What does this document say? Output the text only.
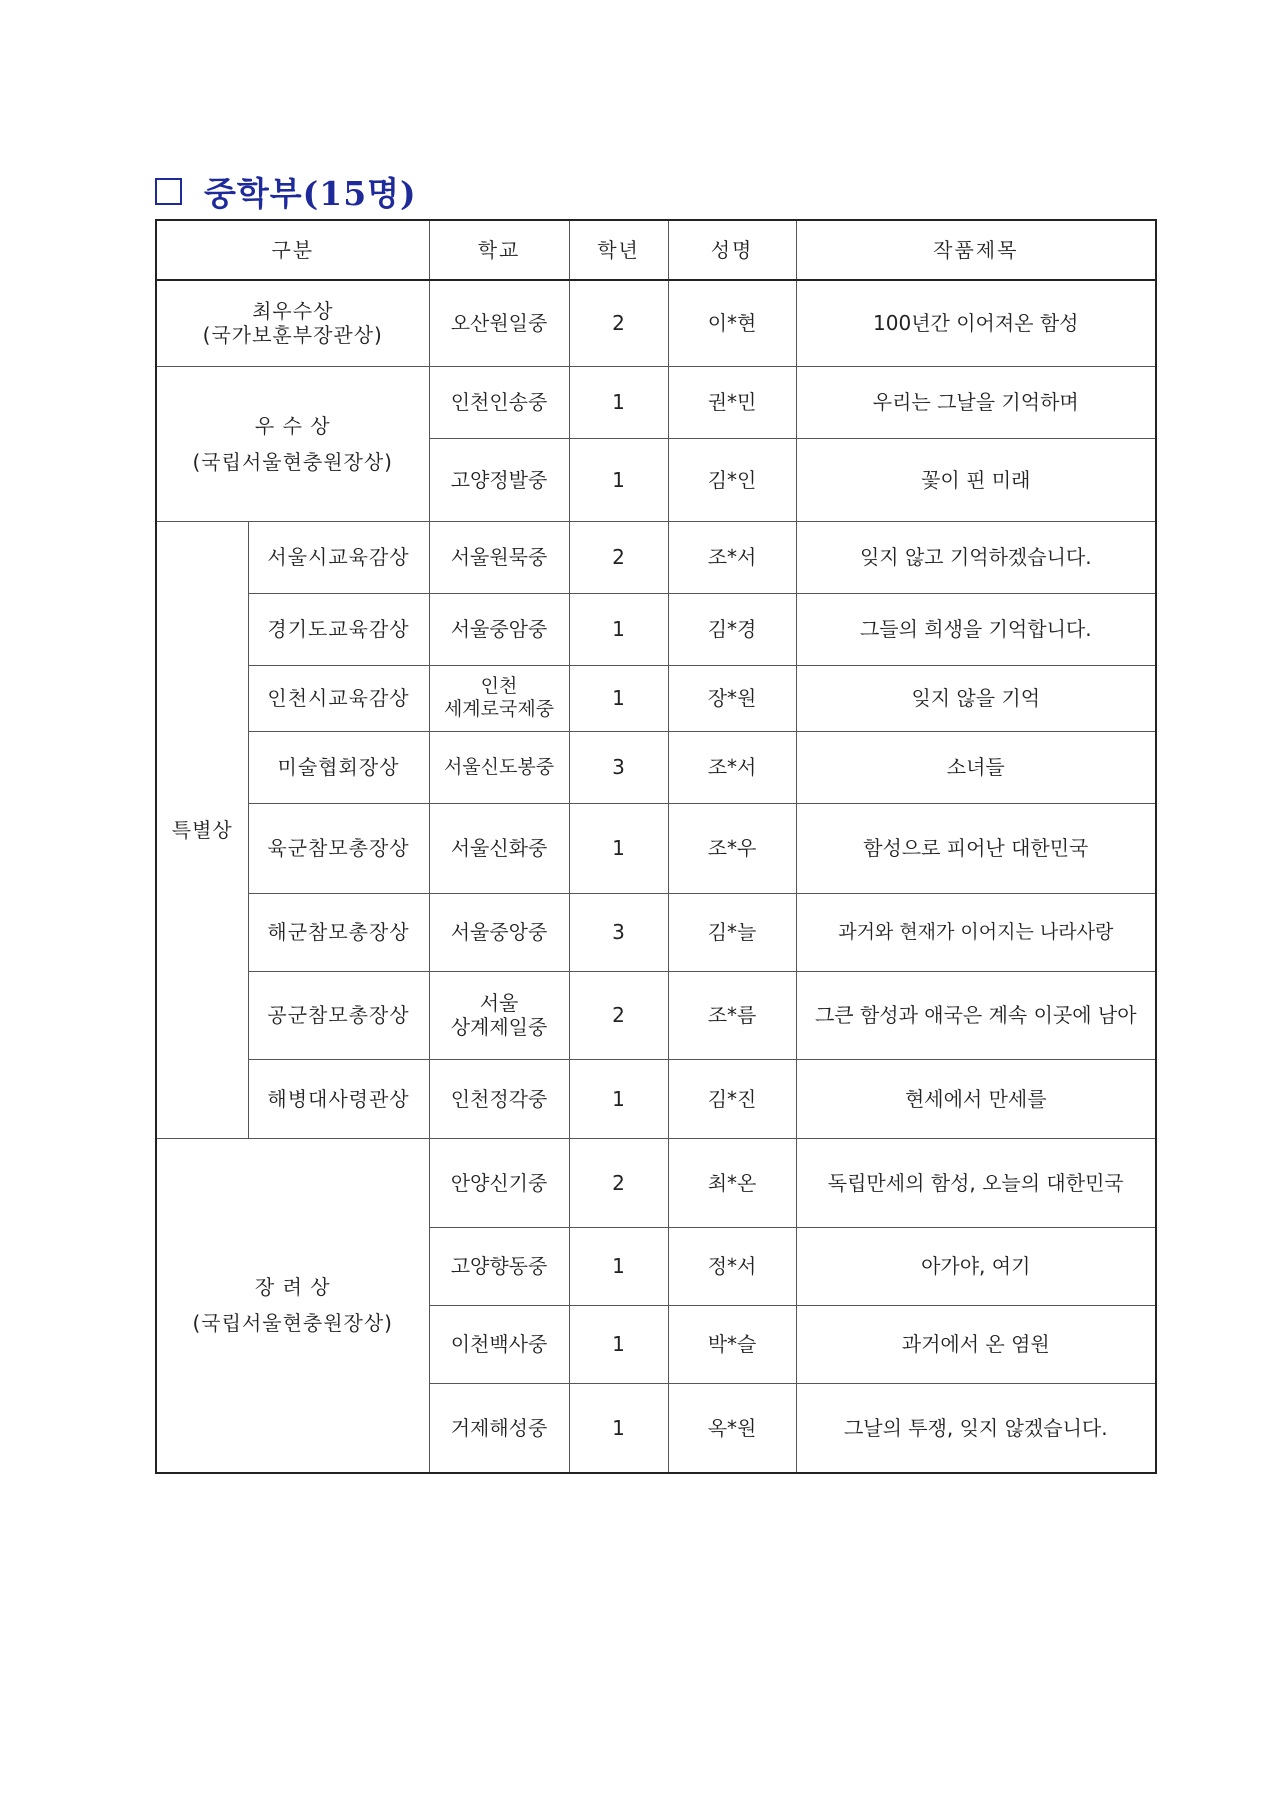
중학부(15명)
구분		학교	학년	성명	작품제목

최우수상
(국가보훈부장관상)		오산원일중	2	이*현	100년간 이어져온 함성

우 수 상
(국립서울현충원장상)		인천인송중	1	권*민	우리는 그날을 기억하며
		고양정발중	1	김*인	꽃이 핀 미래
특별상	서울시교육감상	서울원묵중	2	조*서	잊지 않고 기억하겠습니다.
	경기도교육감상	서울중암중	1	김*경	그들의 희생을 기억합니다.
	인천시교육감상	인천
세계로국제중	1	장*원	잊지 않을 기억
	미술협회장상	서울신도봉중	3	조*서	소녀들
	육군참모총장상	서울신화중	1	조*우	함성으로 피어난 대한민국
	해군참모총장상	서울중앙중	3	김*늘	과거와 현재가 이어지는 나라사랑
	공군참모총장상	서울
상계제일중	2	조*름	그큰 함성과 애국은 계속 이곳에 남아
	해병대사령관상	인천정각중	1	김*진	현세에서 만세를

장 려 상
(국립서울현충원장상)		안양신기중	2	최*온	독립만세의 함성, 오늘의 대한민국
		고양향동중	1	정*서	아가야, 여기
		이천백사중	1	박*슬	과거에서 온 염원
		거제해성중	1	옥*원	그날의 투쟁, 잊지 않겠습니다.
